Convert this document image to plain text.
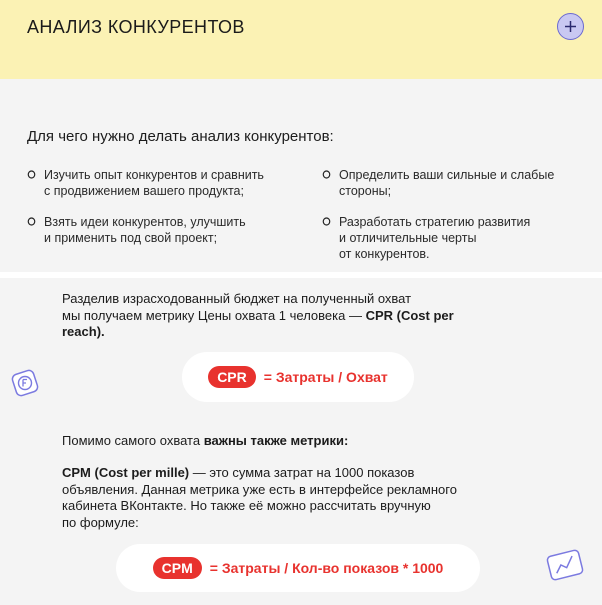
АНАЛИЗ КОНКУРЕНТОВ
Для чего нужно делать анализ конкурентов:
Изучить опыт конкурентов и сравнить
с продвижением вашего продукта;
Определить ваши сильные и слабые
стороны;
Взять идеи конкурентов, улучшить
и применить под свой проект;
Разработать стратегию развития
и отличительные черты
от конкурентов.
Разделив израсходованный бюджет на полученный охват
мы получаем метрику Цены охвата 1 человека — CPR (Cost per
reach).
CPR	= Затраты / Охват
Помимо самого охвата важны также метрики:
CPM (Cost per mille) — это сумма затрат на 1000 показов
объявления. Данная метрика уже есть в интерфейсе рекламного
кабинета ВКонтакте. Но также её можно рассчитать вручную
по формуле:
CPM	= Затраты / Кол-во показов * 1000
